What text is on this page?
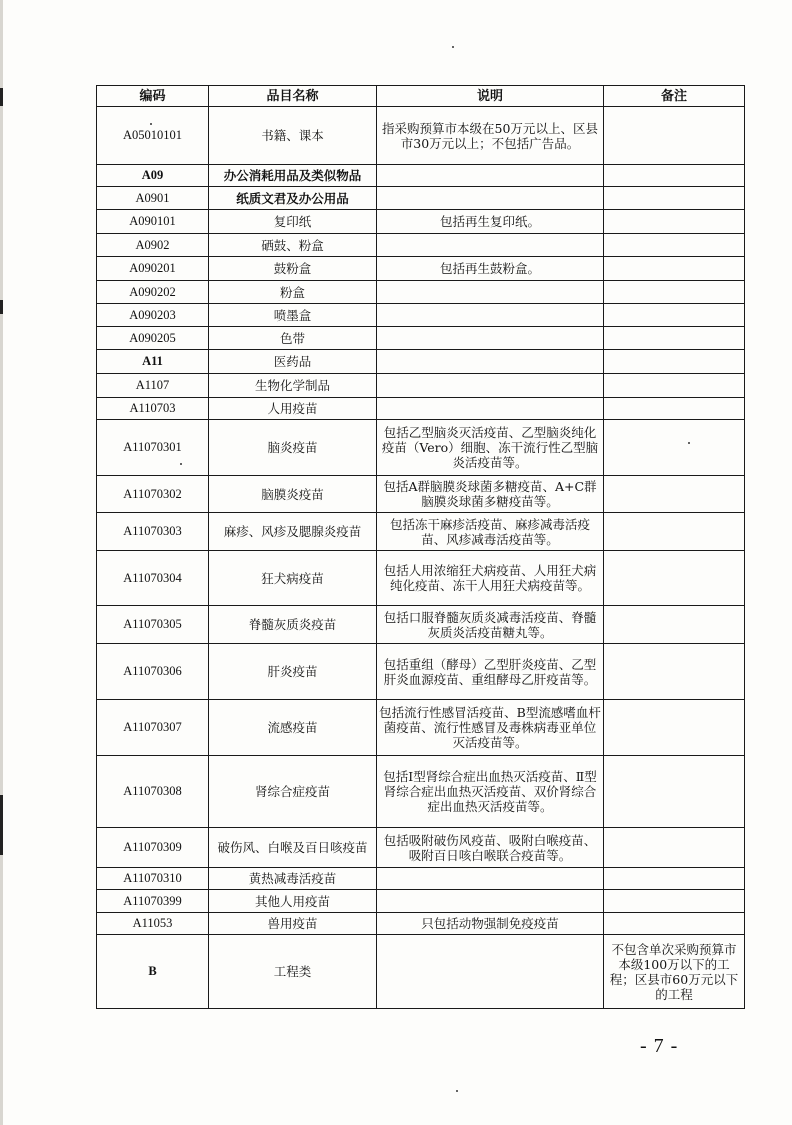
编码	品目名称	说明	备注
A05010101	书籍、课本	指采购预算市本级在50万元以上、区县市30万元以上；不包括广告品。	
A09	办公消耗用品及类似物品		
A0901	纸质文君及办公用品		
A090101	复印纸	包括再生复印纸。	
A0902	硒鼓、粉盒		
A090201	鼓粉盒	包括再生鼓粉盒。	
A090202	粉盒		
A090203	喷墨盒		
A090205	色带		
A11	医药品		
A1107	生物化学制品		
A110703	人用疫苗		
A11070301	脑炎疫苗	包括乙型脑炎灭活疫苗、乙型脑炎纯化疫苗（Vero）细胞、冻干流行性乙型脑炎活疫苗等。	
A11070302	脑膜炎疫苗	包括A群脑膜炎球菌多糖疫苗、A+C群脑膜炎球菌多糖疫苗等。	
A11070303	麻疹、风疹及腮腺炎疫苗	包括冻干麻疹活疫苗、麻疹减毒活疫苗、风疹减毒活疫苗等。	
A11070304	狂犬病疫苗	包括人用浓缩狂犬病疫苗、人用狂犬病纯化疫苗、冻干人用狂犬病疫苗等。	
A11070305	脊髓灰质炎疫苗	包括口服脊髓灰质炎减毒活疫苗、脊髓灰质炎活疫苗糖丸等。	
A11070306	肝炎疫苗	包括重组（酵母）乙型肝炎疫苗、乙型肝炎血源疫苗、重组酵母乙肝疫苗等。	
A11070307	流感疫苗	包括流行性感冒活疫苗、B型流感嗜血杆菌疫苗、流行性感冒及毒株病毒亚单位灭活疫苗等。	
A11070308	肾综合症疫苗	包括Ⅰ型肾综合症出血热灭活疫苗、Ⅱ型肾综合症出血热灭活疫苗、双价肾综合症出血热灭活疫苗等。	
A11070309	破伤风、白喉及百日咳疫苗	包括吸附破伤风疫苗、吸附白喉疫苗、吸附百日咳白喉联合疫苗等。	
A11070310	黄热减毒活疫苗		
A11070399	其他人用疫苗		
A11053	兽用疫苗	只包括动物强制免疫疫苗	
B	工程类		不包含单次采购预算市本级100万以下的工程；区县市60万元以下的工程
- 7 -
